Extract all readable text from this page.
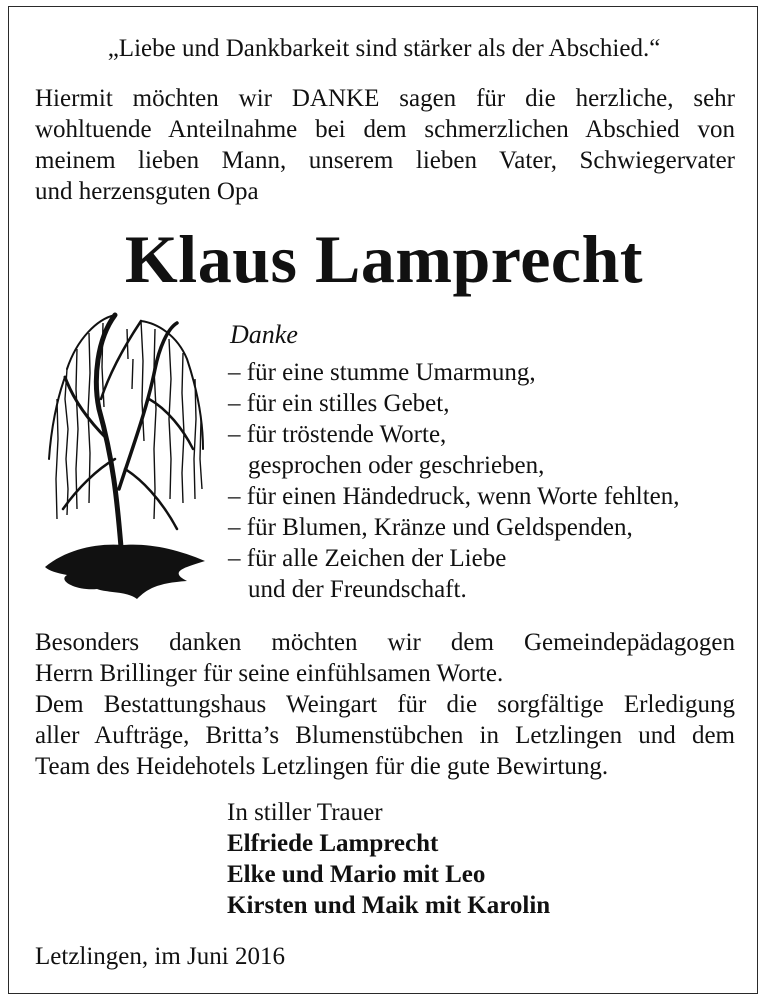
„Liebe und Dankbarkeit sind stärker als der Abschied.“
Hiermit möchten wir DANKE sagen für die herzliche, sehr
wohltuende Anteilnahme bei dem schmerzlichen Abschied von
meinem lieben Mann, unserem lieben Vater, Schwiegervater
und herzensguten Opa
Klaus Lamprecht
Danke
– für eine stumme Umarmung,
– für ein stilles Gebet,
– für tröstende Worte,
gesprochen oder geschrieben,
– für einen Händedruck, wenn Worte fehlten,
– für Blumen, Kränze und Geldspenden,
– für alle Zeichen der Liebe
und der Freundschaft.
Besonders danken möchten wir dem Gemeindepädagogen
Herrn Brillinger für seine einfühlsamen Worte.
Dem Bestattungshaus Weingart für die sorgfältige Erledigung
aller Aufträge, Britta’s Blumenstübchen in Letzlingen und dem
Team des Heidehotels Letzlingen für die gute Bewirtung.
In stiller Trauer
Elfriede Lamprecht
Elke und Mario mit Leo
Kirsten und Maik mit Karolin
Letzlingen, im Juni 2016
